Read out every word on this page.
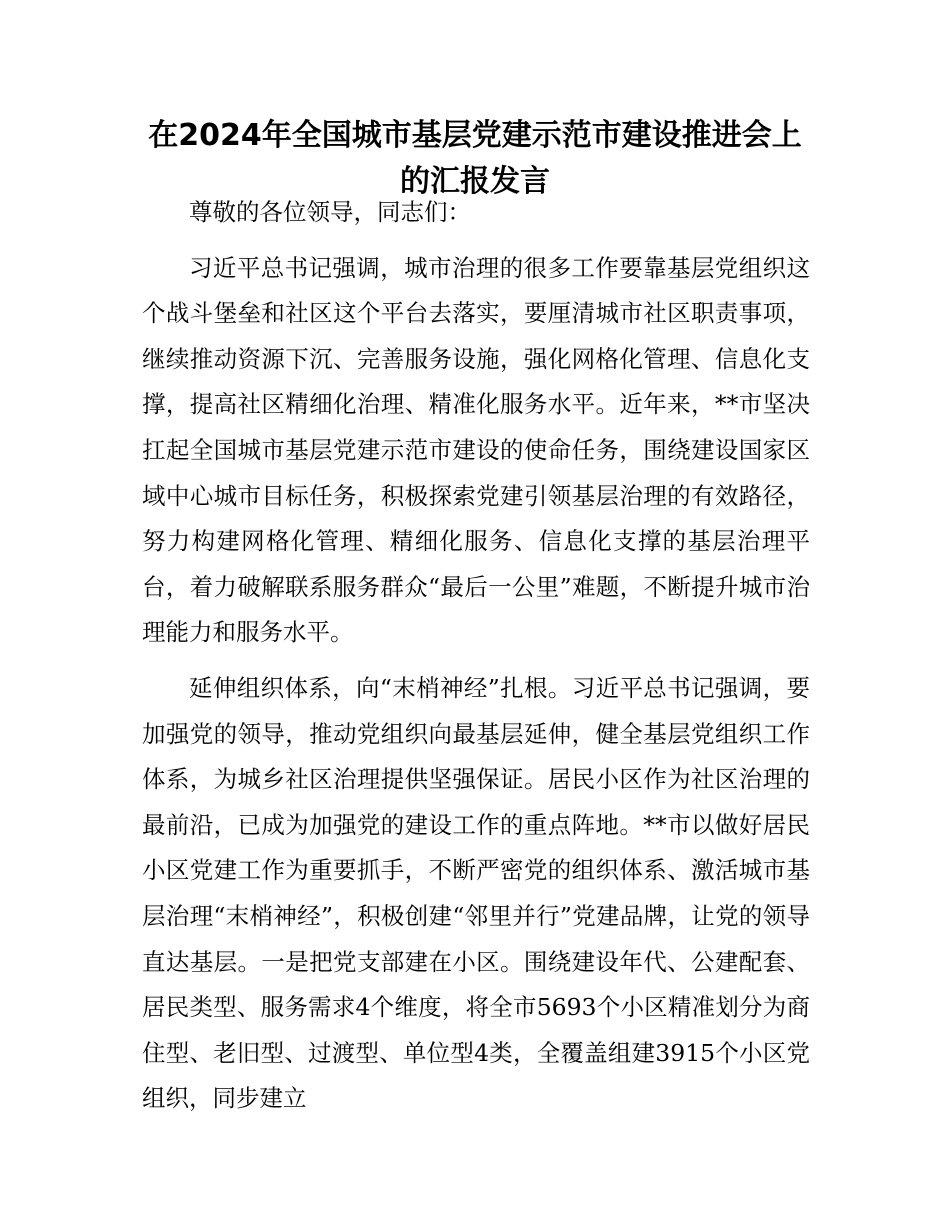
在2024年全国城市基层党建示范市建设推进会上的汇报发言

尊敬的各位领导，同志们：

习近平总书记强调，城市治理的很多工作要靠基层党组织这个战斗堡垒和社区这个平台去落实，要厘清城市社区职责事项，继续推动资源下沉、完善服务设施，强化网格化管理、信息化支撑，提高社区精细化治理、精准化服务水平。近年来，**市坚决扛起全国城市基层党建示范市建设的使命任务，围绕建设国家区域中心城市目标任务，积极探索党建引领基层治理的有效路径，努力构建网格化管理、精细化服务、信息化支撑的基层治理平台，着力破解联系服务群众“最后一公里”难题，不断提升城市治理能力和服务水平。

延伸组织体系，向“末梢神经”扎根。习近平总书记强调，要加强党的领导，推动党组织向最基层延伸，健全基层党组织工作体系，为城乡社区治理提供坚强保证。居民小区作为社区治理的最前沿，已成为加强党的建设工作的重点阵地。**市以做好居民小区党建工作为重要抓手，不断严密党的组织体系、激活城市基层治理“末梢神经”，积极创建“邻里并行”党建品牌，让党的领导直达基层。一是把党支部建在小区。围绕建设年代、公建配套、居民类型、服务需求4个维度，将全市5693个小区精准划分为商住型、老旧型、过渡型、单位型4类，全覆盖组建3915个小区党组织，同步建立
